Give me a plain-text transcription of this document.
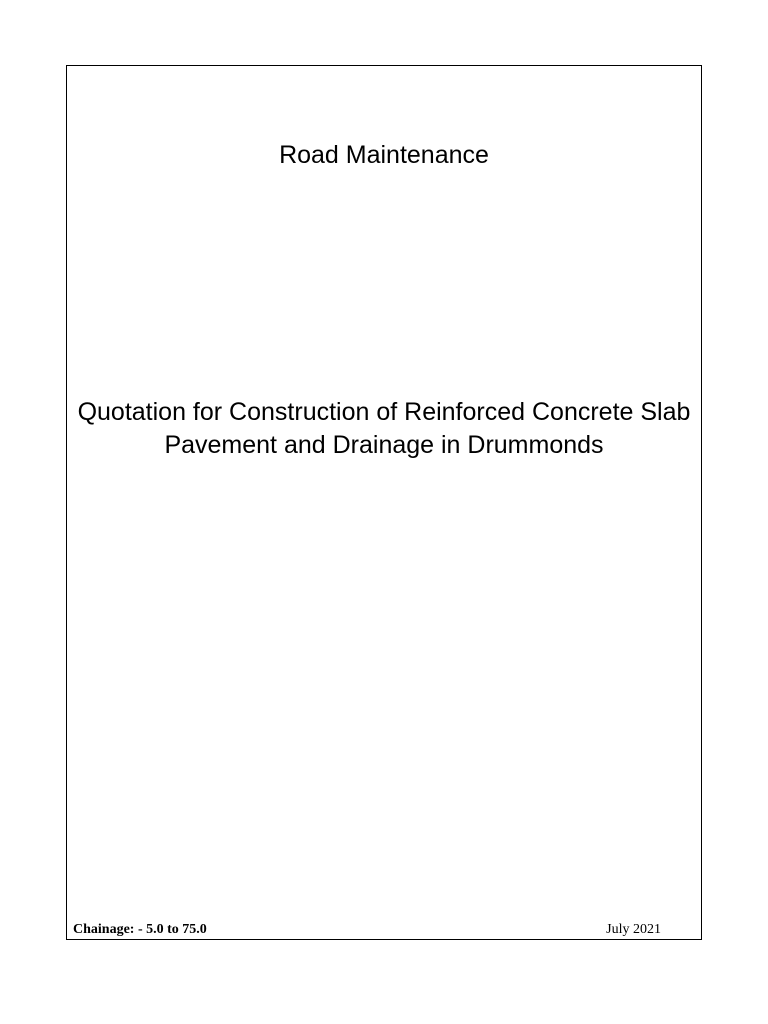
Road Maintenance
Quotation for Construction of Reinforced Concrete Slab
Pavement and Drainage in Drummonds
Chainage: - 5.0 to 75.0	July 2021
